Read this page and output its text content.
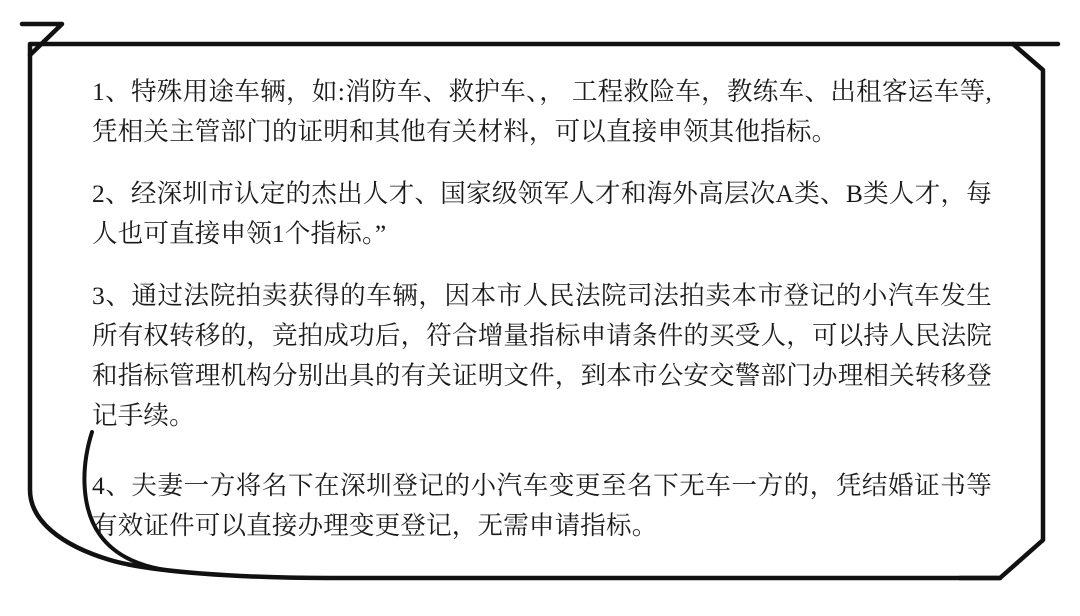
1、特殊用途车辆，如:消防车、救护车、， 工程救险车，教练车、出租客运车等,凭相关主管部门的证明和其他有关材料，可以直接申领其他指标。

2、经深圳市认定的杰出人才、国家级领军人才和海外高层次A类、B类人才，每人也可直接申领1个指标。”

3、通过法院拍卖获得的车辆，因本市人民法院司法拍卖本市登记的小汽车发生所有权转移的，竞拍成功后，符合增量指标申请条件的买受人，可以持人民法院和指标管理机构分别出具的有关证明文件，到本市公安交警部门办理相关转移登记手续。

4、夫妻一方将名下在深圳登记的小汽车变更至名下无车一方的，凭结婚证书等有效证件可以直接办理变更登记，无需申请指标。
